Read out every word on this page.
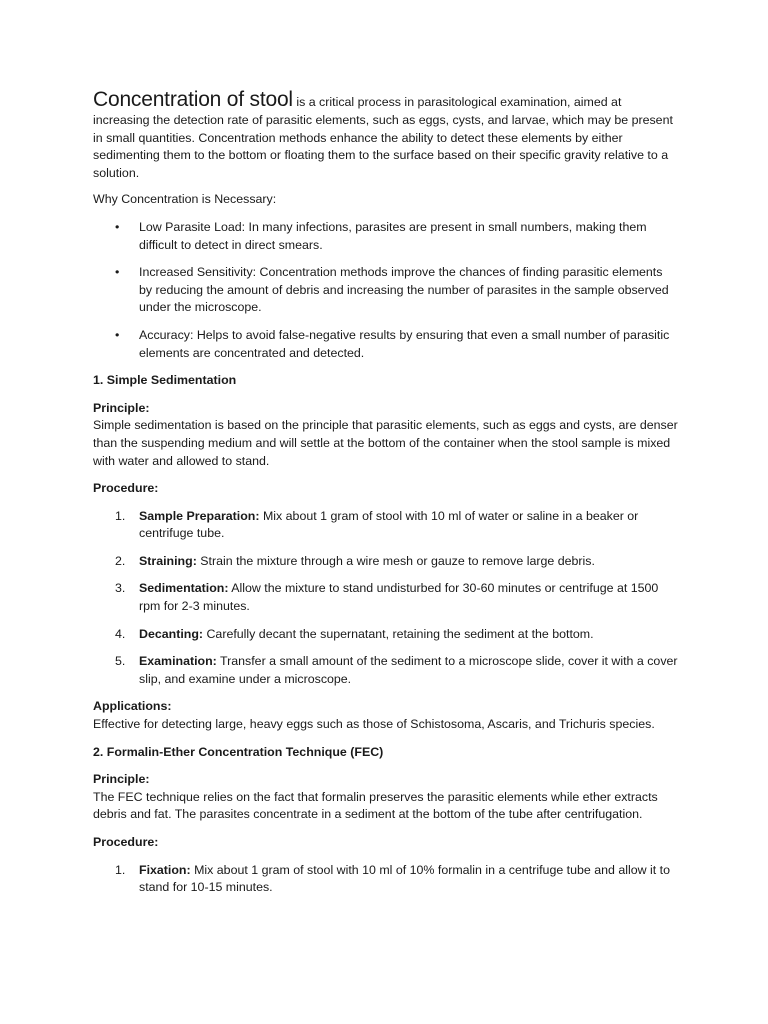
Concentration of stool is a critical process in parasitological examination, aimed at increasing the detection rate of parasitic elements, such as eggs, cysts, and larvae, which may be present in small quantities. Concentration methods enhance the ability to detect these elements by either sedimenting them to the bottom or floating them to the surface based on their specific gravity relative to a solution.

Why Concentration is Necessary:

• Low Parasite Load: In many infections, parasites are present in small numbers, making them difficult to detect in direct smears.
• Increased Sensitivity: Concentration methods improve the chances of finding parasitic elements by reducing the amount of debris and increasing the number of parasites in the sample observed under the microscope.
• Accuracy: Helps to avoid false-negative results by ensuring that even a small number of parasitic elements are concentrated and detected.

1. Simple Sedimentation

Principle:
Simple sedimentation is based on the principle that parasitic elements, such as eggs and cysts, are denser than the suspending medium and will settle at the bottom of the container when the stool sample is mixed with water and allowed to stand.

Procedure:

1. Sample Preparation: Mix about 1 gram of stool with 10 ml of water or saline in a beaker or centrifuge tube.
2. Straining: Strain the mixture through a wire mesh or gauze to remove large debris.
3. Sedimentation: Allow the mixture to stand undisturbed for 30-60 minutes or centrifuge at 1500 rpm for 2-3 minutes.
4. Decanting: Carefully decant the supernatant, retaining the sediment at the bottom.
5. Examination: Transfer a small amount of the sediment to a microscope slide, cover it with a cover slip, and examine under a microscope.

Applications:
Effective for detecting large, heavy eggs such as those of Schistosoma, Ascaris, and Trichuris species.

2. Formalin-Ether Concentration Technique (FEC)

Principle:
The FEC technique relies on the fact that formalin preserves the parasitic elements while ether extracts debris and fat. The parasites concentrate in a sediment at the bottom of the tube after centrifugation.

Procedure:

1. Fixation: Mix about 1 gram of stool with 10 ml of 10% formalin in a centrifuge tube and allow it to stand for 10-15 minutes.
